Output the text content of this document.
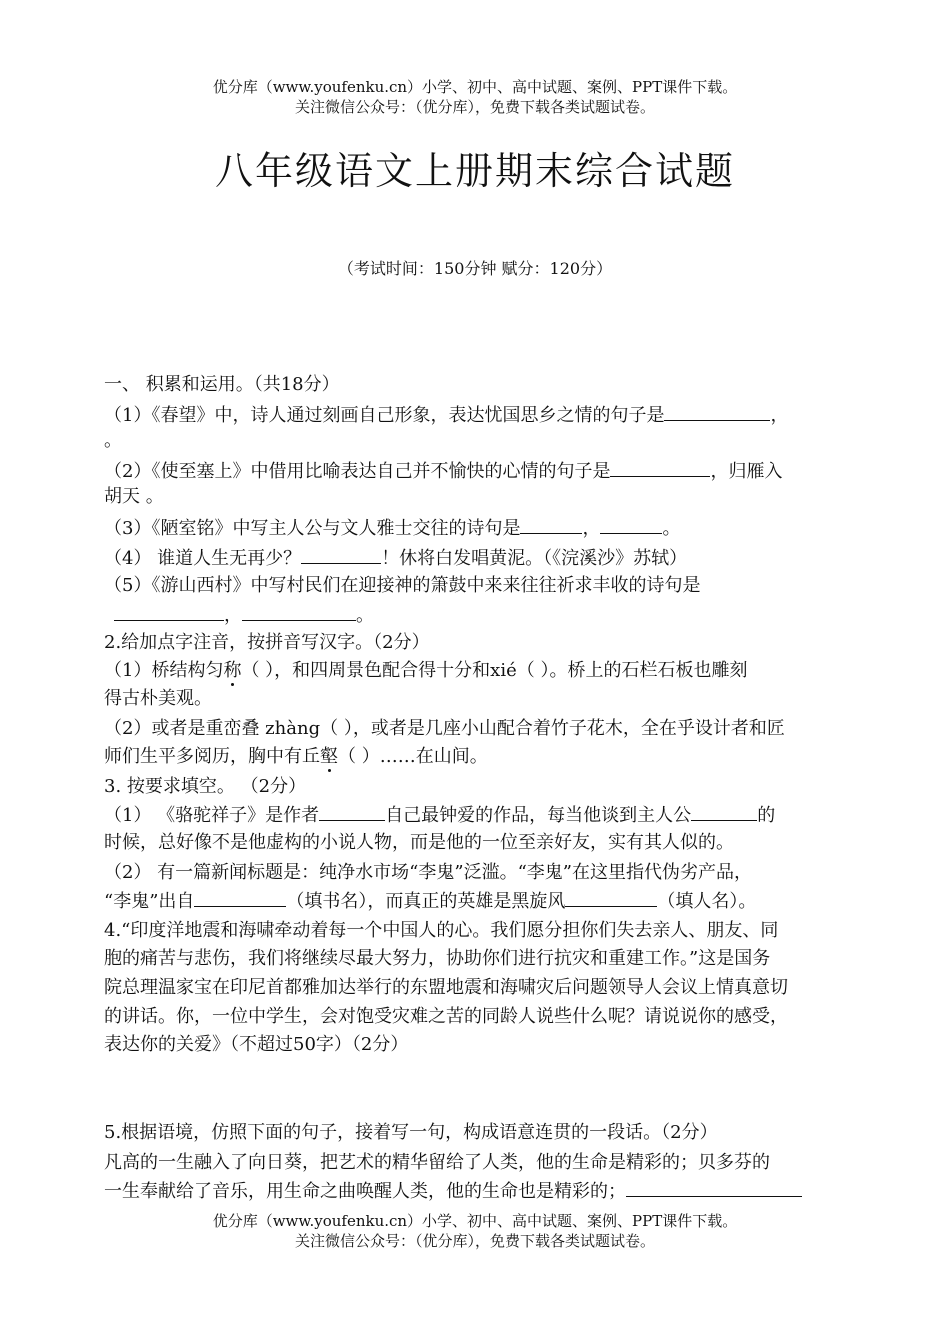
优分库（www.youfenku.cn）小学、初中、高中试题、案例、PPT课件下载。
关注微信公众号：（优分库），免费下载各类试题试卷。
八年级语文上册期末综合试题
（考试时间：150分钟 赋分：120分）
一、 积累和运用。（共18分）
（1）《春望》中，诗人通过刻画自己形象，表达忧国思乡之情的句子是	，
。
（2）《使至塞上》中借用比喻表达自己并不愉快的心情的句子是	，归雁入
胡天 。
（3）《陋室铭》中写主人公与文人雅士交往的诗句是	，	。
（4） 谁道人生无再少？	！休将白发唱黄泥。（《浣溪沙》苏轼）
（5）《游山西村》中写村民们在迎接神的箫鼓中来来往往祈求丰收的诗句是
，	。
2.给加点字注音，按拼音写汉字。（2分）
（1）桥结构匀称（ ），和四周景色配合得十分和xié（ ）。桥上的石栏石板也雕刻
得古朴美观。
（2）或者是重峦叠 zhàng（ ），或者是几座小山配合着竹子花木，全在乎设计者和匠
师们生平多阅历，胸中有丘壑（ ）……在山间。
3. 按要求填空。 （2分）
（1） 《骆驼祥子》是作者	自己最钟爱的作品，每当他谈到主人公	的
时候，总好像不是他虚构的小说人物，而是他的一位至亲好友，实有其人似的。
（2） 有一篇新闻标题是：纯净水市场“李鬼”泛滥。“李鬼”在这里指代伪劣产品，
“李鬼”出自	（填书名），而真正的英雄是黑旋风	（填人名）。
4.“印度洋地震和海啸牵动着每一个中国人的心。我们愿分担你们失去亲人、朋友、同
胞的痛苦与悲伤，我们将继续尽最大努力，协助你们进行抗灾和重建工作。”这是国务
院总理温家宝在印尼首都雅加达举行的东盟地震和海啸灾后问题领导人会议上情真意切
的讲话。你，一位中学生，会对饱受灾难之苦的同龄人说些什么呢？请说说你的感受，
表达你的关爱》（不超过50字）（2分）
5.根据语境，仿照下面的句子，接着写一句，构成语意连贯的一段话。（2分）
凡高的一生融入了向日葵，把艺术的精华留给了人类，他的生命是精彩的；贝多芬的
一生奉献给了音乐，用生命之曲唤醒人类，他的生命也是精彩的；
优分库（www.youfenku.cn）小学、初中、高中试题、案例、PPT课件下载。
关注微信公众号：（优分库），免费下载各类试题试卷。
